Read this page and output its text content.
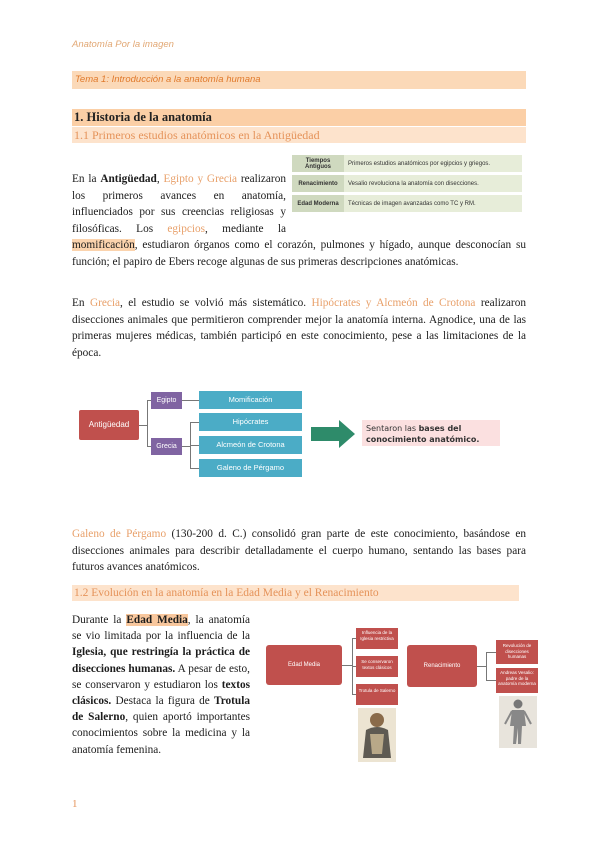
Anatomía Por la imagen
Tema 1: Introducción a la anatomía humana
1. Historia de la anatomía
1.1 Primeros estudios anatómicos en la Antigüedad
Tiempos Antiguos	Primeros estudios anatómicos por egipcios y griegos.
Renacimiento	Vesalio revoluciona la anatomía con disecciones.
Edad Moderna	Técnicas de imagen avanzadas como TC y RM.
En la Antigüedad, Egipto y Grecia realizaron los primeros avances en anatomía, influenciados por sus creencias religiosas y filosóficas. Los egipcios, mediante la momificación, estudiaron órganos como el corazón, pulmones y hígado, aunque desconocían su función; el papiro de Ebers recoge algunas de sus primeras descripciones anatómicas.
En Grecia, el estudio se volvió más sistemático. Hipócrates y Alcmeón de Crotona realizaron disecciones animales que permitieron comprender mejor la anatomía interna. Agnodice, una de las primeras mujeres médicas, también participó en este conocimiento, pese a las limitaciones de la época.
Antigüedad
Egipto
Grecia
Momificación
Hipócrates
Alcmeón de Crotona
Galeno de Pérgamo
Sentaron las bases del conocimiento anatómico.
Galeno de Pérgamo (130-200 d. C.) consolidó gran parte de este conocimiento, basándose en disecciones animales para describir detalladamente el cuerpo humano, sentando las bases para futuros avances anatómicos.
1.2 Evolución en la anatomía en la Edad Media y el Renacimiento
Durante la Edad Media, la anatomía se vio limitada por la influencia de la Iglesia, que restringía la práctica de disecciones humanas. A pesar de esto, se conservaron y estudiaron los textos clásicos. Destaca la figura de Trotula de Salerno, quien aportó importantes conocimientos sobre la medicina y la anatomía femenina.
Edad Media
Influencia de la Iglesia restrictiva
Se conservaron textos clásicos
Trotula de Salerno
Renacimiento
Revolución de disecciones humanas
Andreas Vesalio: padre de la anatomía moderna
1
